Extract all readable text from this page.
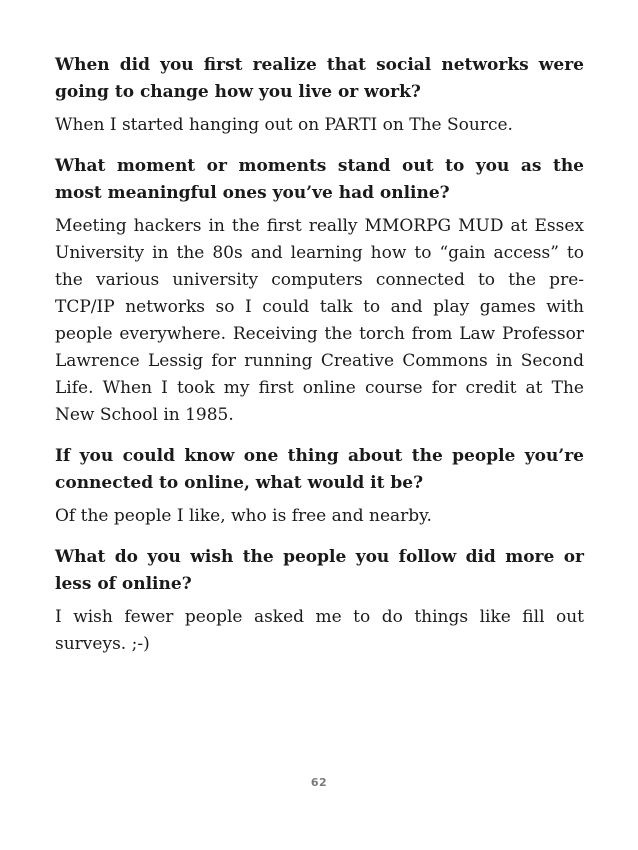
When did you first realize that social networks were going to change how you live or work?

When I started hanging out on PARTI on The Source.

What moment or moments stand out to you as the most meaningful ones you’ve had online?

Meeting hackers in the first really MMORPG MUD at Essex University in the 80s and learning how to “gain access” to the various university computers connected to the pre-TCP/IP networks so I could talk to and play games with people everywhere. Receiving the torch from Law Professor Lawrence Lessig for running Creative Commons in Second Life. When I took my first online course for credit at The New School in 1985.

If you could know one thing about the people you’re connected to online, what would it be?

Of the people I like, who is free and nearby.

What do you wish the people you follow did more or less of online?

I wish fewer people asked me to do things like fill out surveys. ;-)

62
